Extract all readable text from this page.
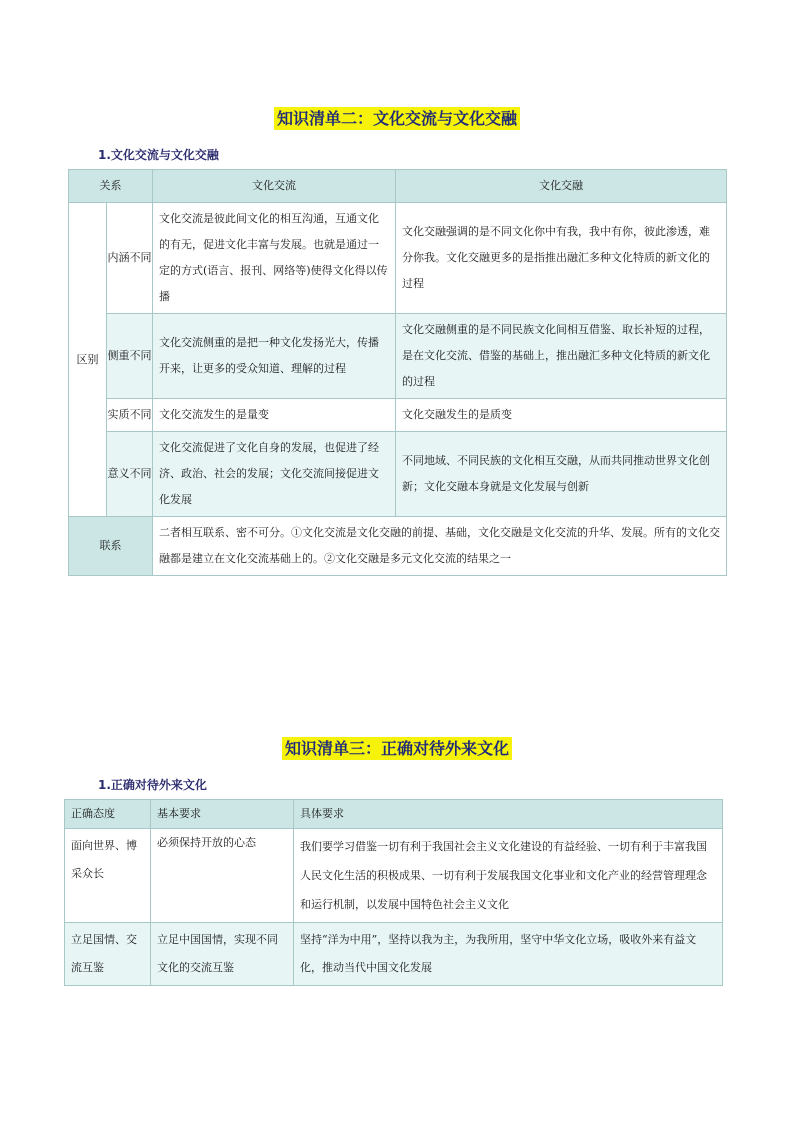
知识清单二：文化交流与文化交融
1.文化交流与文化交融
关系		文化交流	文化交融
区别	内涵不同	文化交流是彼此间文化的相互沟通，互通文化的有无，促进文化丰富与发展。也就是通过一定的方式(语言、报刊、网络等)使得文化得以传播	文化交融强调的是不同文化你中有我，我中有你，彼此渗透，难分你我。文化交融更多的是指推出融汇多种文化特质的新文化的过程
	侧重不同	文化交流侧重的是把一种文化发扬光大，传播开来，让更多的受众知道、理解的过程	文化交融侧重的是不同民族文化间相互借鉴、取长补短的过程，是在文化交流、借鉴的基础上，推出融汇多种文化特质的新文化的过程
	实质不同	文化交流发生的是量变	文化交融发生的是质变
	意义不同	文化交流促进了文化自身的发展，也促进了经济、政治、社会的发展；文化交流间接促进文化发展	不同地域、不同民族的文化相互交融，从而共同推动世界文化创新；文化交融本身就是文化发展与创新
联系		二者相互联系、密不可分。①文化交流是文化交融的前提、基础，文化交融是文化交流的升华、发展。所有的文化交融都是建立在文化交流基础上的。②文化交融是多元文化交流的结果之一	
知识清单三：正确对待外来文化
1.正确对待外来文化
正确态度	基本要求	具体要求
面向世界、博采众长	必须保持开放的心态	我们要学习借鉴一切有利于我国社会主义文化建设的有益经验、一切有利于丰富我国人民文化生活的积极成果、一切有利于发展我国文化事业和文化产业的经营管理理念和运行机制，以发展中国特色社会主义文化
立足国情、交流互鉴	立足中国国情，实现不同文化的交流互鉴	坚持“洋为中用”，坚持以我为主，为我所用，坚守中华文化立场，吸收外来有益文化，推动当代中国文化发展
